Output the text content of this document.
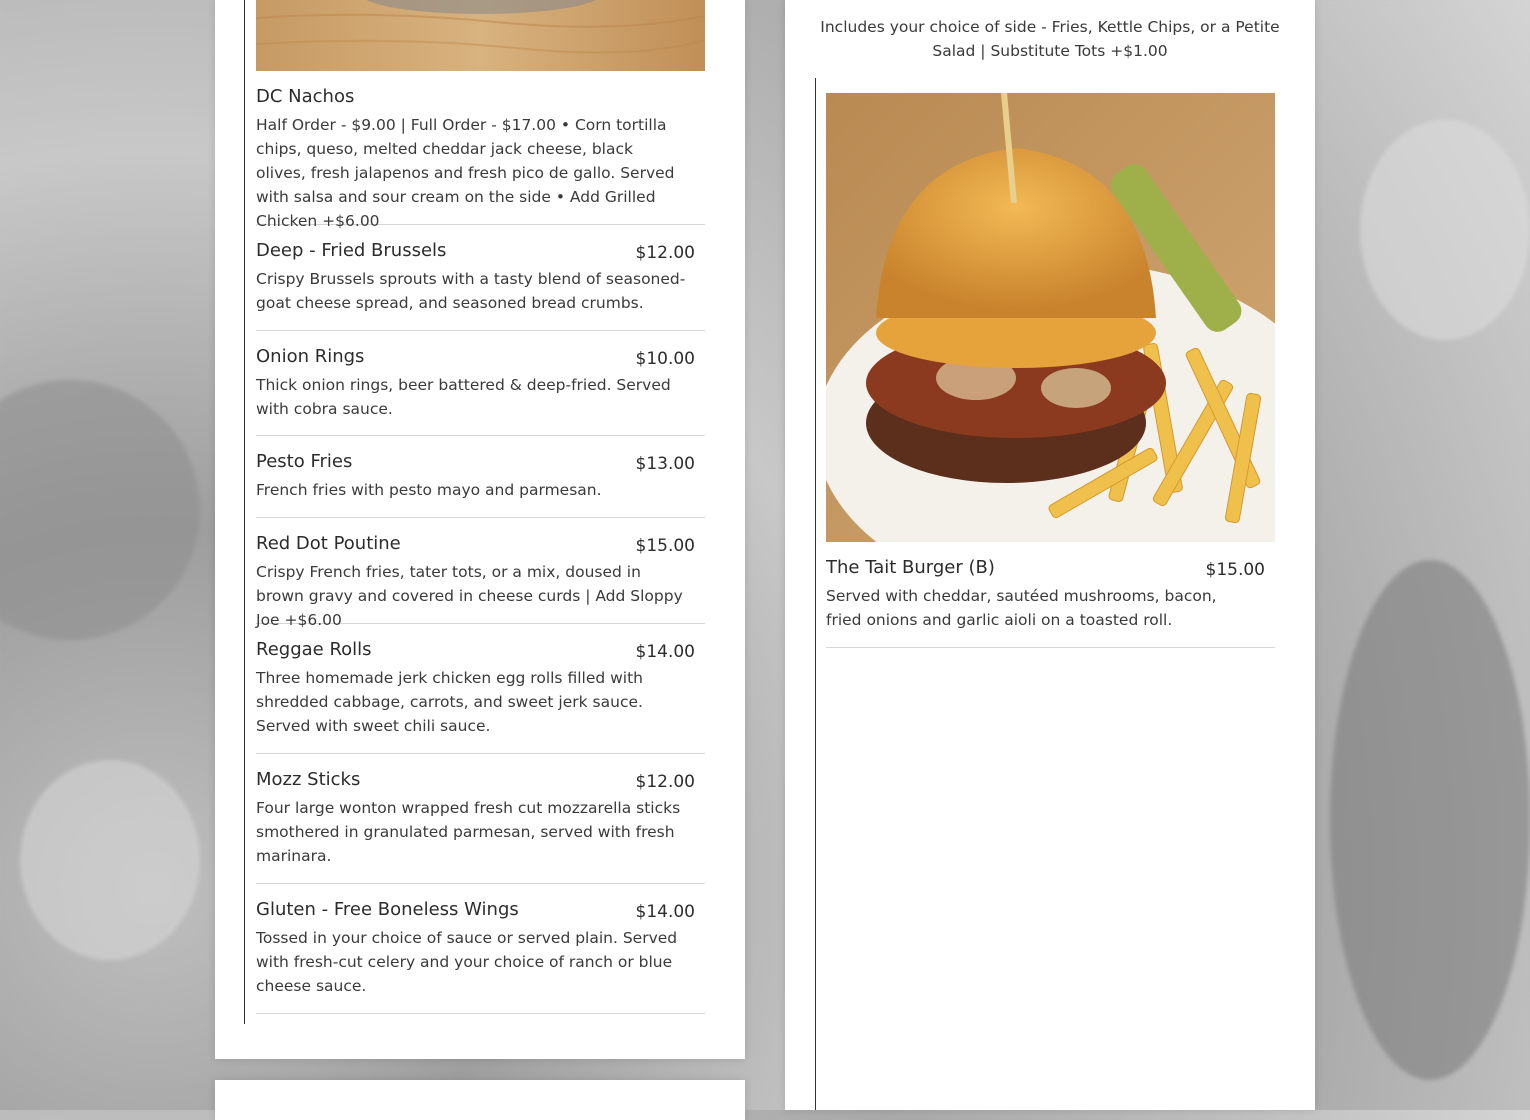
DC Nachos
Half Order - $9.00 | Full Order - $17.00 • Corn tortilla chips, queso, melted cheddar jack cheese, black olives, fresh jalapenos and fresh pico de gallo. Served with salsa and sour cream on the side • Add Grilled Chicken +$6.00
Deep - Fried Brussels	$12.00
Crispy Brussels sprouts with a tasty blend of seasoned-goat cheese spread, and seasoned bread crumbs.
Onion Rings	$10.00
Thick onion rings, beer battered & deep-fried. Served with cobra sauce.
Pesto Fries	$13.00
French fries with pesto mayo and parmesan.
Red Dot Poutine	$15.00
Crispy French fries, tater tots, or a mix, doused in brown gravy and covered in cheese curds | Add Sloppy Joe +$6.00
Reggae Rolls	$14.00
Three homemade jerk chicken egg rolls filled with shredded cabbage, carrots, and sweet jerk sauce. Served with sweet chili sauce.
Mozz Sticks	$12.00
Four large wonton wrapped fresh cut mozzarella sticks smothered in granulated parmesan, served with fresh marinara.
Gluten - Free Boneless Wings	$14.00
Tossed in your choice of sauce or served plain. Served with fresh-cut celery and your choice of ranch or blue cheese sauce.
Includes your choice of side - Fries, Kettle Chips, or a Petite Salad | Substitute Tots +$1.00
The Tait Burger (B)	$15.00
Served with cheddar, sautéed mushrooms, bacon, fried onions and garlic aioli on a toasted roll.
